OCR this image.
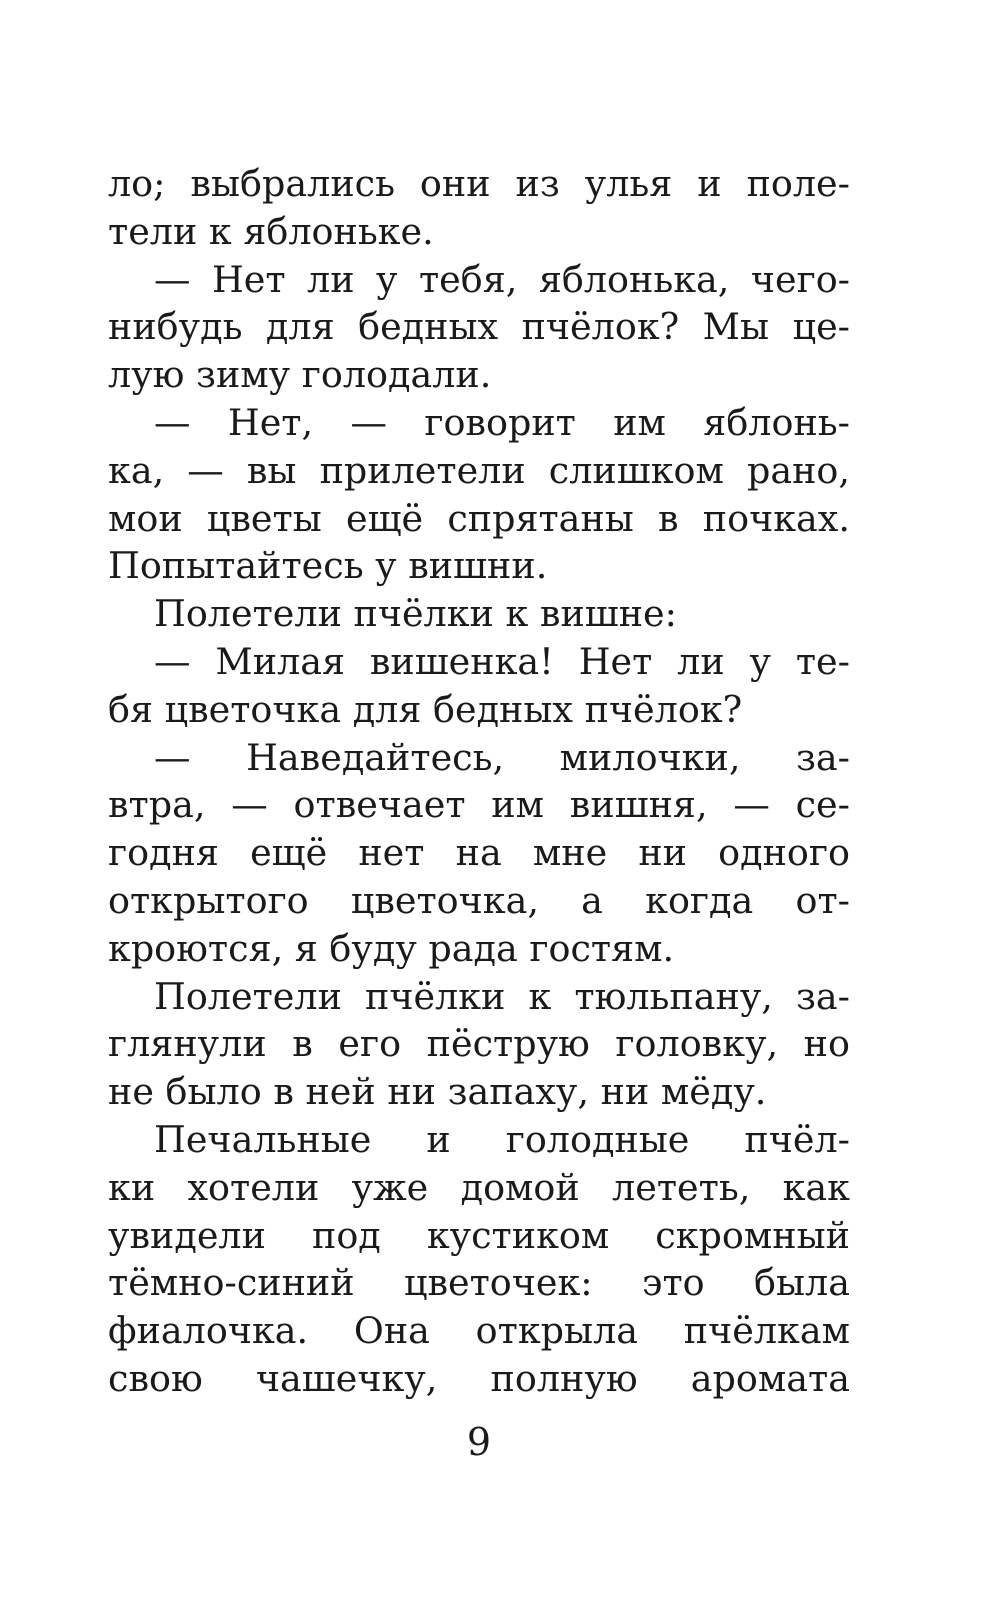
ло; выбрались они из улья и поле-
тели к яблоньке.
— Нет ли у тебя, яблонька, чего-
нибудь для бедных пчёлок? Мы це-
лую зиму голодали.
— Нет, — говорит им яблонь-
ка, — вы прилетели слишком рано,
мои цветы ещё спрятаны в почках.
Попытайтесь у вишни.
Полетели пчёлки к вишне:
— Милая вишенка! Нет ли у те-
бя цветочка для бедных пчёлок?
— Наведайтесь, милочки, за-
втра, — отвечает им вишня, — се-
годня ещё нет на мне ни одного
открытого цветочка, а когда от-
кроются, я буду рада гостям.
Полетели пчёлки к тюльпану, за-
глянули в его пёструю головку, но
не было в ней ни запаху, ни мёду.
Печальные и голодные пчёл-
ки хотели уже домой лететь, как
увидели под кустиком скромный
тёмно-синий цветочек: это была
фиалочка. Она открыла пчёлкам
свою чашечку, полную аромата
9
